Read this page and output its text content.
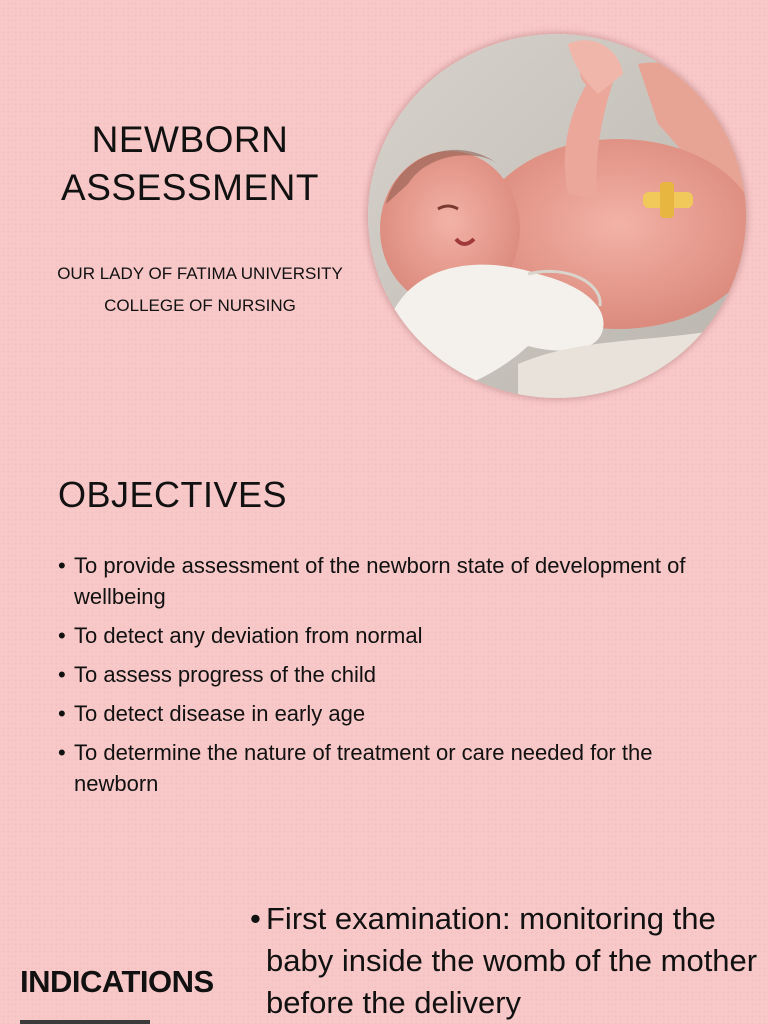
NEWBORN
ASSESSMENT
OUR LADY OF FATIMA UNIVERSITY
COLLEGE OF NURSING
OBJECTIVES
• To provide assessment of the newborn state of development of wellbeing
• To detect any deviation from normal
• To assess progress of the child
• To detect disease in early age
• To determine the nature of treatment or care needed for the newborn
INDICATIONS
• First examination: monitoring the baby inside the womb of the mother before the delivery
